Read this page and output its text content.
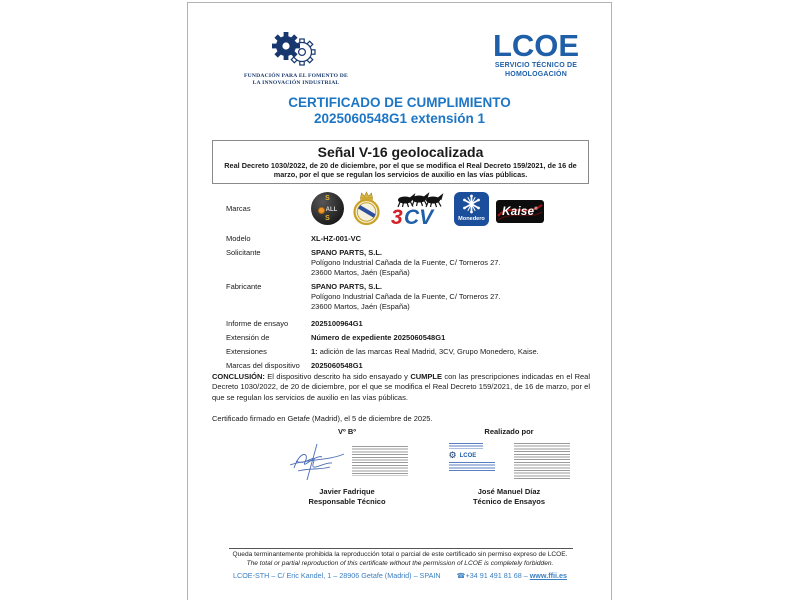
FUNDACIÓN PARA EL FOMENTO DE
LA INNOVACIÓN INDUSTRIAL
LCOE
SERVICIO TÉCNICO DE
HOMOLOGACIÓN
CERTIFICADO DE CUMPLIMIENTO
2025060548G1 extensión 1
Señal V-16 geolocalizada
Real Decreto 1030/2022, de 20 de diciembre, por el que se modifica el Real Decreto 159/2021, de 16 de marzo, por el que se regulan los servicios de auxilio en las vías públicas.
Marcas
S
ALL
S	3 CV	Monedero
Kaise®
Modelo	XL-HZ-001-VC
Solicitante	SPANO PARTS, S.L.
Polígono Industrial Cañada de la Fuente, C/ Torneros 27.
23600 Martos, Jaén (España)
Fabricante	SPANO PARTS, S.L.
Polígono Industrial Cañada de la Fuente, C/ Torneros 27.
23600 Martos, Jaén (España)
Informe de ensayo	2025100964G1
Extensión de	Número de expediente 2025060548G1
Extensiones	1: adición de las marcas Real Madrid, 3CV, Grupo Monedero, Kaise.
Marcas del dispositivo	2025060548G1
CONCLUSIÓN: El dispositivo descrito ha sido ensayado y CUMPLE con las prescripciones indicadas en el Real Decreto 1030/2022, de 20 de diciembre, por el que se modifica el Real Decreto 159/2021, de 16 de marzo, por el que se regulan los servicios de auxilio en las vías públicas.
Certificado firmado en Getafe (Madrid), el 5 de diciembre de 2025.
Vº Bº
Javier Fadrique
Responsable Técnico
Realizado por
⚙ LCOE
José Manuel Díaz
Técnico de Ensayos
Queda terminantemente prohibida la reproducción total o parcial de este certificado sin permiso expreso de LCOE.
The total or partial reproduction of this certificate without the permission of LCOE is completely forbidden.
LCOE-STH – C/ Eric Kandel, 1 – 28906 Getafe (Madrid) – SPAIN ☎+34 91 491 81 68 – www.ffii.es
